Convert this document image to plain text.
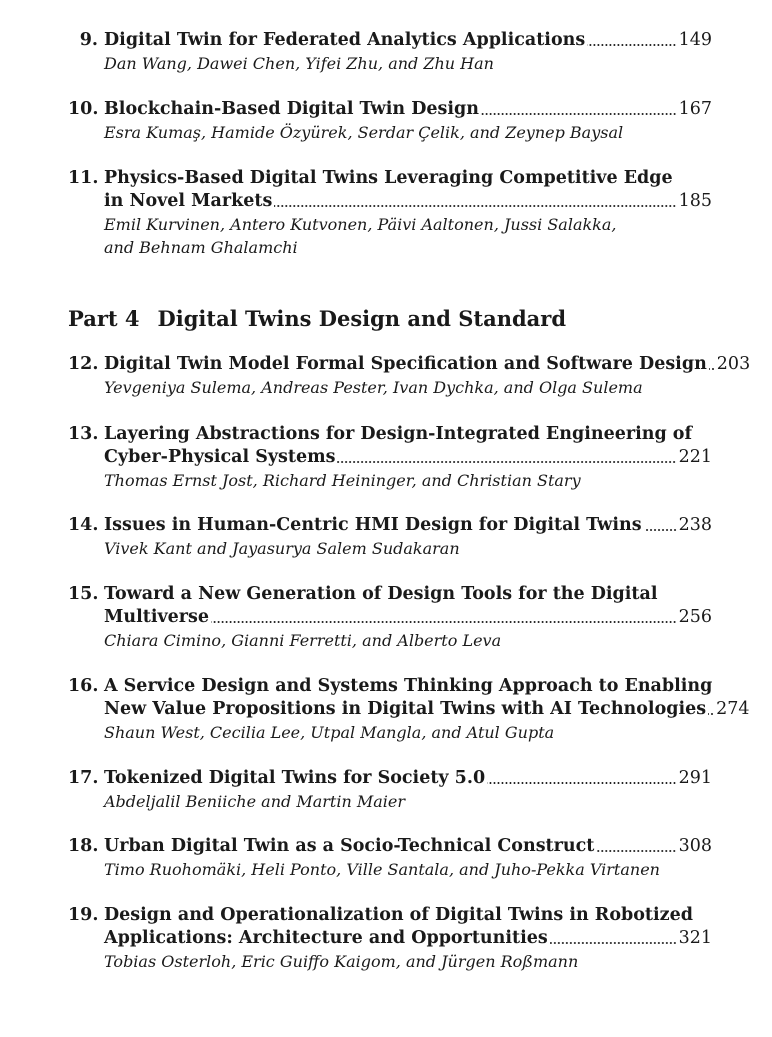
9. Digital Twin for Federated Analytics Applications	149
Dan Wang, Dawei Chen, Yifei Zhu, and Zhu Han
10. Blockchain-Based Digital Twin Design	167
Esra Kumaş, Hamide Özyürek, Serdar Çelik, and Zeynep Baysal
11. Physics-Based Digital Twins Leveraging Competitive Edge
in Novel Markets	185
Emil Kurvinen, Antero Kutvonen, Päivi Aaltonen, Jussi Salakka,
and Behnam Ghalamchi
Part 4 Digital Twins Design and Standard
12. Digital Twin Model Formal Specification and Software Design 203
Yevgeniya Sulema, Andreas Pester, Ivan Dychka, and Olga Sulema
13. Layering Abstractions for Design-Integrated Engineering of
Cyber-Physical Systems	221
Thomas Ernst Jost, Richard Heininger, and Christian Stary
14. Issues in Human-Centric HMI Design for Digital Twins 238
Vivek Kant and Jayasurya Salem Sudakaran
15. Toward a New Generation of Design Tools for the Digital
Multiverse	256
Chiara Cimino, Gianni Ferretti, and Alberto Leva
16. A Service Design and Systems Thinking Approach to Enabling
New Value Propositions in Digital Twins with AI Technologies 274
Shaun West, Cecilia Lee, Utpal Mangla, and Atul Gupta
17. Tokenized Digital Twins for Society 5.0	291
Abdeljalil Beniiche and Martin Maier
18. Urban Digital Twin as a Socio-Technical Construct	308
Timo Ruohomäki, Heli Ponto, Ville Santala, and Juho-Pekka Virtanen
19. Design and Operationalization of Digital Twins in Robotized
Applications: Architecture and Opportunities	321
Tobias Osterloh, Eric Guiffo Kaigom, and Jürgen Roßmann
